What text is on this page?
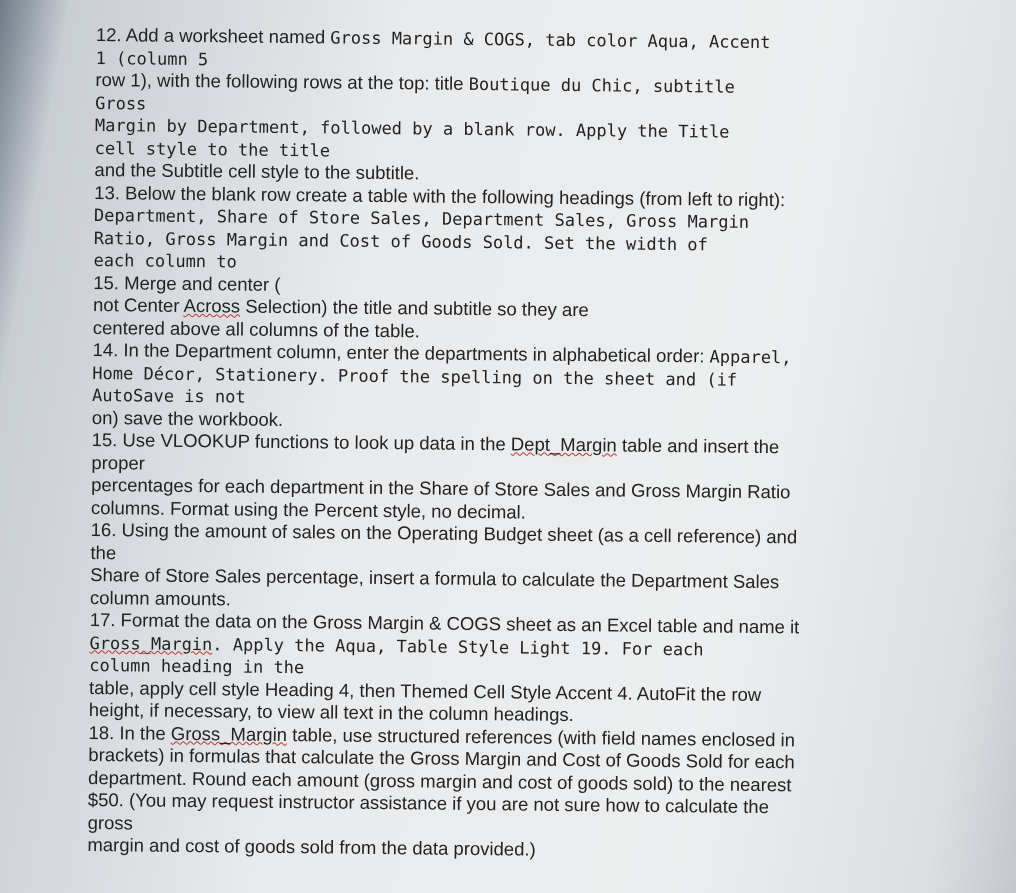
12. Add a worksheet named Gross Margin & COGS, tab color Aqua, Accent
1 (column 5
row 1), with the following rows at the top: title Boutique du Chic, subtitle
Gross
Margin by Department, followed by a blank row. Apply the Title
cell style to the title
and the Subtitle cell style to the subtitle.
13. Below the blank row create a table with the following headings (from left to right):
Department, Share of Store Sales, Department Sales, Gross Margin
Ratio, Gross Margin and Cost of Goods Sold. Set the width of
each column to
15. Merge and center (
not Center Across Selection) the title and subtitle so they are
centered above all columns of the table.
14. In the Department column, enter the departments in alphabetical order: Apparel,
Home Décor, Stationery. Proof the spelling on the sheet and (if
AutoSave is not
on) save the workbook.
15. Use VLOOKUP functions to look up data in the Dept_Margin table and insert the
proper
percentages for each department in the Share of Store Sales and Gross Margin Ratio
columns. Format using the Percent style, no decimal.
16. Using the amount of sales on the Operating Budget sheet (as a cell reference) and
the
Share of Store Sales percentage, insert a formula to calculate the Department Sales
column amounts.
17. Format the data on the Gross Margin & COGS sheet as an Excel table and name it
Gross_Margin. Apply the Aqua, Table Style Light 19. For each
column heading in the
table, apply cell style Heading 4, then Themed Cell Style Accent 4. AutoFit the row
height, if necessary, to view all text in the column headings.
18. In the Gross_Margin table, use structured references (with field names enclosed in
brackets) in formulas that calculate the Gross Margin and Cost of Goods Sold for each
department. Round each amount (gross margin and cost of goods sold) to the nearest
$50. (You may request instructor assistance if you are not sure how to calculate the
gross
margin and cost of goods sold from the data provided.)
